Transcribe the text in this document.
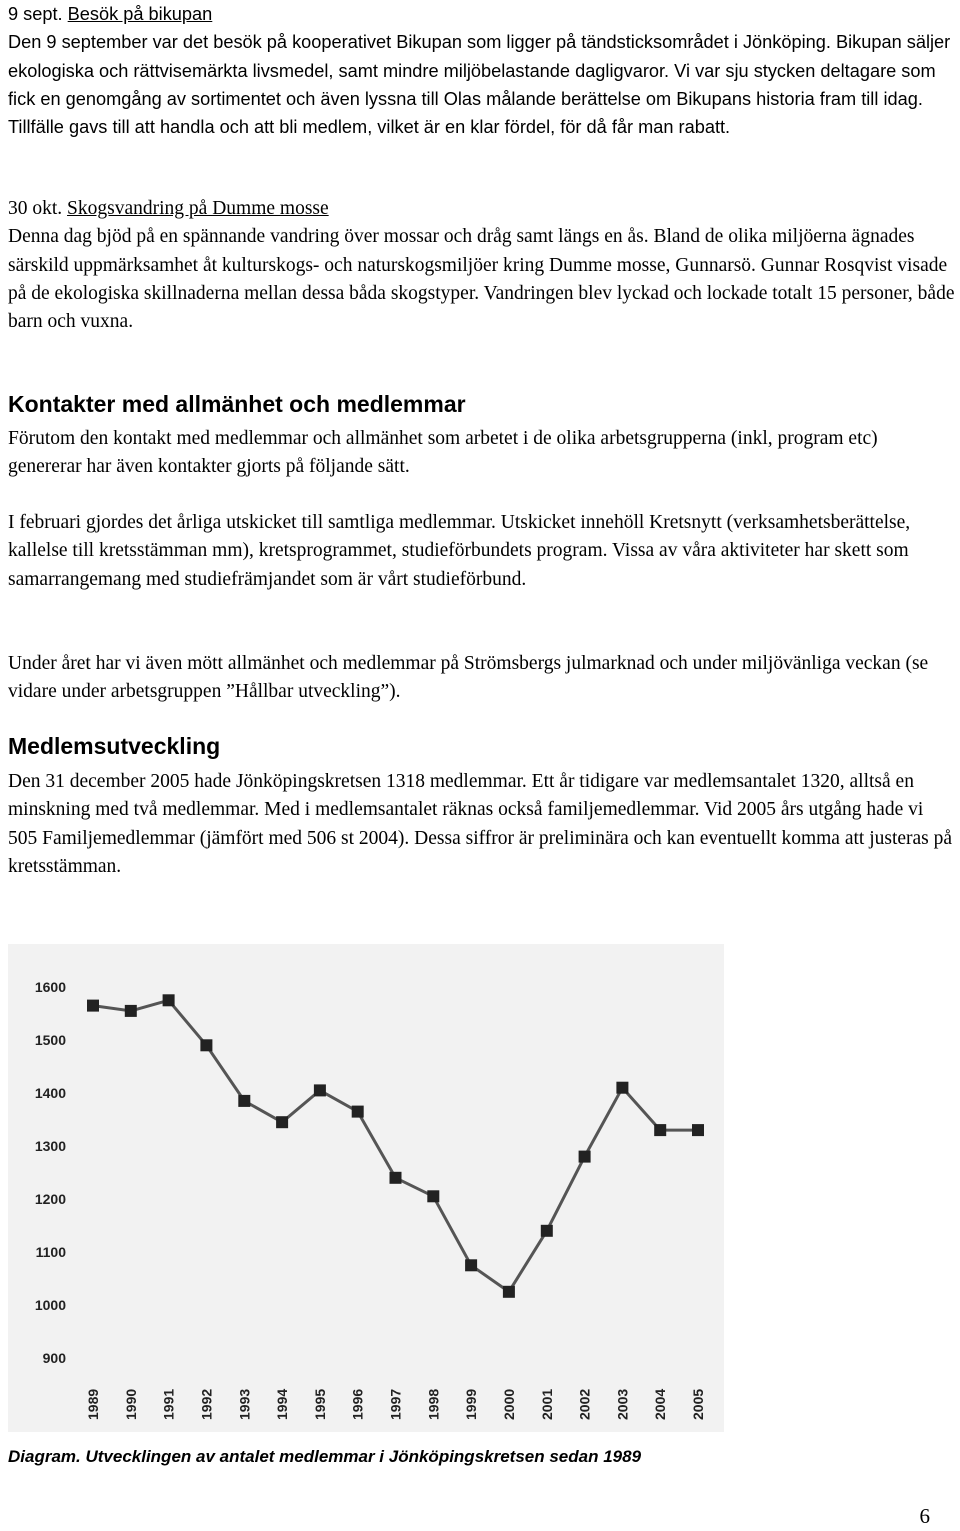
9 sept. Besök på bikupan
Den 9 september var det besök på kooperativet Bikupan som ligger på tändsticksområdet i Jönköping. Bikupan säljer ekologiska och rättvisemärkta livsmedel, samt mindre miljöbelastande dagligvaror. Vi var sju stycken deltagare som fick en genomgång av sortimentet och även lyssna till Olas målande berättelse om Bikupans historia fram till idag. Tillfälle gavs till att handla och att bli medlem, vilket är en klar fördel, för då får man rabatt.
30 okt. Skogsvandring på Dumme mosse
Denna dag bjöd på en spännande vandring över mossar och dråg samt längs en ås. Bland de olika miljöerna ägnades särskild uppmärksamhet åt kulturskogs- och naturskogsmiljöer kring Dumme mosse, Gunnarsö. Gunnar Rosqvist visade på de ekologiska skillnaderna mellan dessa båda skogstyper. Vandringen blev lyckad och lockade totalt 15 personer, både barn och vuxna.
Kontakter med allmänhet och medlemmar
Förutom den kontakt med medlemmar och allmänhet som arbetet i de olika arbetsgrupperna (inkl, program etc) genererar har även kontakter gjorts på följande sätt.
I februari gjordes det årliga utskicket till samtliga medlemmar. Utskicket innehöll Kretsnytt (verksamhetsberättelse, kallelse till kretsstämman mm), kretsprogrammet, studieförbundets program. Vissa av våra aktiviteter har skett som samarrangemang med studiefrämjandet som är vårt studieförbund.
Under året har vi även mött allmänhet och medlemmar på Strömsbergs julmarknad och under miljövänliga veckan (se vidare under arbetsgruppen ”Hållbar utveckling”).
Medlemsutveckling
Den 31 december 2005 hade Jönköpingskretsen 1318 medlemmar. Ett år tidigare var medlemsantalet 1320, alltså en minskning med två medlemmar. Med i medlemsantalet räknas också familjemedlemmar. Vid 2005 års utgång hade vi 505 Familjemedlemmar (jämfört med 506 st 2004). Dessa siffror är preliminära och kan eventuellt komma att justeras på kretsstämman.
900
1000
1100
1200
1300
1400
1500
1600
1989 1990 1991 1992 1993 1994 1995 1996 1997 1998 1999 2000 2001 2002 2003 2004 2005
Diagram. Utvecklingen av antalet medlemmar i Jönköpingskretsen sedan 1989
6
